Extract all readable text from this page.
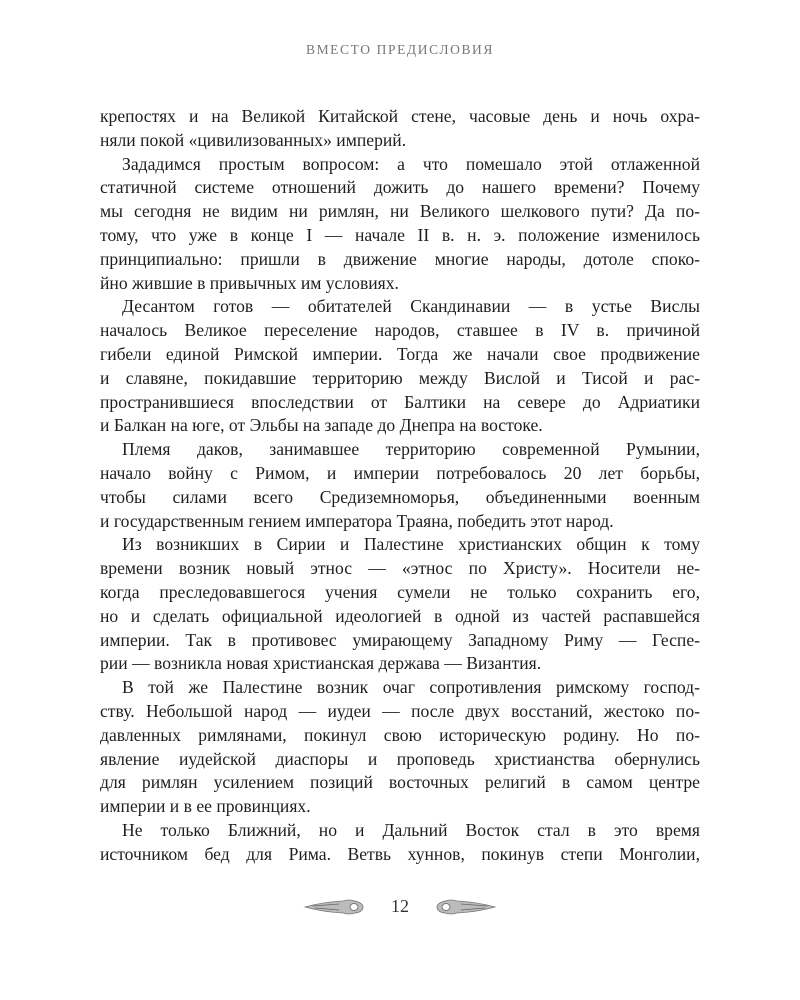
ВМЕСТО ПРЕДИСЛОВИЯ
крепостях и на Великой Китайской стене, часовые день и ночь охра-
няли покой «цивилизованных» империй.
Зададимся простым вопросом: а что помешало этой отлаженной
статичной системе отношений дожить до нашего времени? Почему
мы сегодня не видим ни римлян, ни Великого шелкового пути? Да по-
тому, что уже в конце I — начале II в. н. э. положение изменилось
принципиально: пришли в движение многие народы, дотоле споко-
йно жившие в привычных им условиях.
Десантом готов — обитателей Скандинавии — в устье Вислы
началось Великое переселение народов, ставшее в IV в. причиной
гибели единой Римской империи. Тогда же начали свое продвижение
и славяне, покидавшие территорию между Вислой и Тисой и рас-
пространившиеся впоследствии от Балтики на севере до Адриатики
и Балкан на юге, от Эльбы на западе до Днепра на востоке.
Племя даков, занимавшее территорию современной Румынии,
начало войну с Римом, и империи потребовалось 20 лет борьбы,
чтобы силами всего Средиземноморья, объединенными военным
и государственным гением императора Траяна, победить этот народ.
Из возникших в Сирии и Палестине христианских общин к тому
времени возник новый этнос — «этнос по Христу». Носители не-
когда преследовавшегося учения сумели не только сохранить его,
но и сделать официальной идеологией в одной из частей распавшейся
империи. Так в противовес умирающему Западному Риму — Геспе-
рии — возникла новая христианская держава — Византия.
В той же Палестине возник очаг сопротивления римскому господ-
ству. Небольшой народ — иудеи — после двух восстаний, жестоко по-
давленных римлянами, покинул свою историческую родину. Но по-
явление иудейской диаспоры и проповедь христианства обернулись
для римлян усилением позиций восточных религий в самом центре
империи и в ее провинциях.
Не только Ближний, но и Дальний Восток стал в это время
источником бед для Рима. Ветвь хуннов, покинув степи Монголии,
12
